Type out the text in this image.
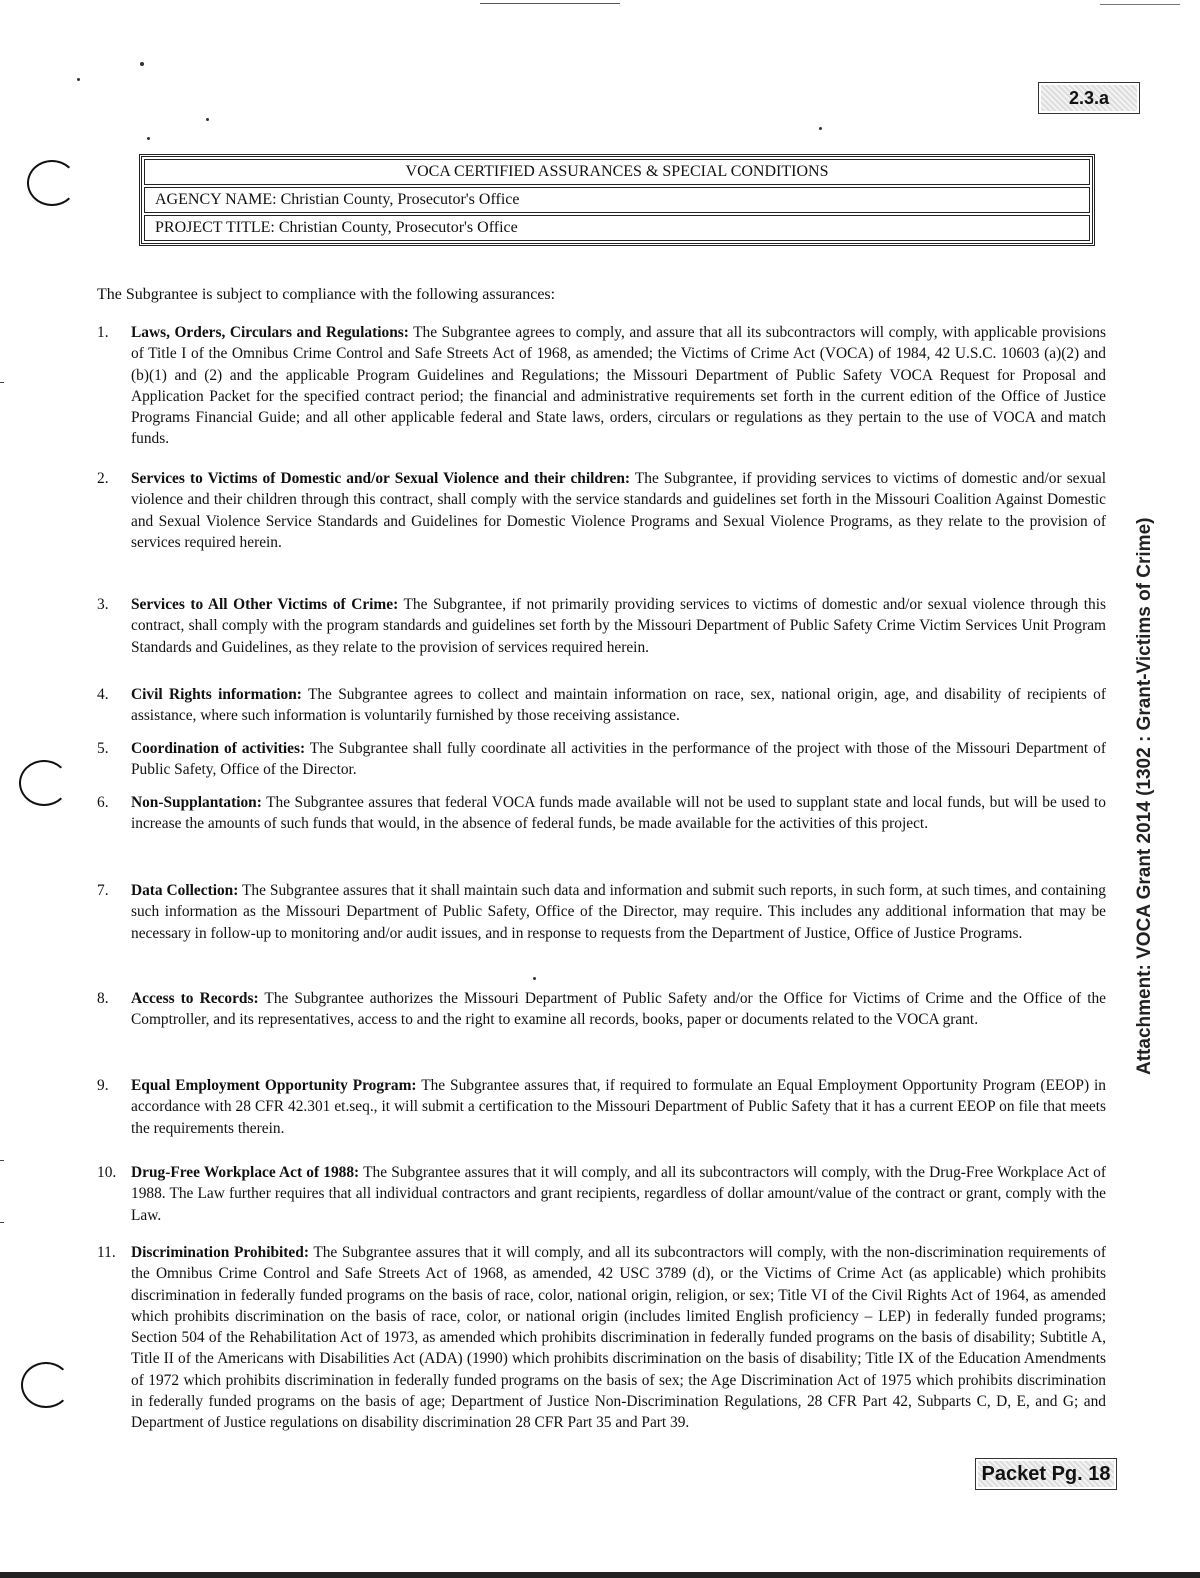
2.3.a
VOCA CERTIFIED ASSURANCES & SPECIAL CONDITIONS
AGENCY NAME: Christian County, Prosecutor's Office
PROJECT TITLE: Christian County, Prosecutor's Office
The Subgrantee is subject to compliance with the following assurances:
1.	Laws, Orders, Circulars and Regulations: The Subgrantee agrees to comply, and assure that all its subcontractors will comply, with applicable provisions of Title I of the Omnibus Crime Control and Safe Streets Act of 1968, as amended; the Victims of Crime Act (VOCA) of 1984, 42 U.S.C. 10603 (a)(2) and (b)(1) and (2) and the applicable Program Guidelines and Regulations; the Missouri Department of Public Safety VOCA Request for Proposal and Application Packet for the specified contract period; the financial and administrative requirements set forth in the current edition of the Office of Justice Programs Financial Guide; and all other applicable federal and State laws, orders, circulars or regulations as they pertain to the use of VOCA and match funds.
2.	Services to Victims of Domestic and/or Sexual Violence and their children: The Subgrantee, if providing services to victims of domestic and/or sexual violence and their children through this contract, shall comply with the service standards and guidelines set forth in the Missouri Coalition Against Domestic and Sexual Violence Service Standards and Guidelines for Domestic Violence Programs and Sexual Violence Programs, as they relate to the provision of services required herein.
3.	Services to All Other Victims of Crime: The Subgrantee, if not primarily providing services to victims of domestic and/or sexual violence through this contract, shall comply with the program standards and guidelines set forth by the Missouri Department of Public Safety Crime Victim Services Unit Program Standards and Guidelines, as they relate to the provision of services required herein.
4.	Civil Rights information: The Subgrantee agrees to collect and maintain information on race, sex, national origin, age, and disability of recipients of assistance, where such information is voluntarily furnished by those receiving assistance.
5.	Coordination of activities: The Subgrantee shall fully coordinate all activities in the performance of the project with those of the Missouri Department of Public Safety, Office of the Director.
6.	Non-Supplantation: The Subgrantee assures that federal VOCA funds made available will not be used to supplant state and local funds, but will be used to increase the amounts of such funds that would, in the absence of federal funds, be made available for the activities of this project.
7.	Data Collection: The Subgrantee assures that it shall maintain such data and information and submit such reports, in such form, at such times, and containing such information as the Missouri Department of Public Safety, Office of the Director, may require. This includes any additional information that may be necessary in follow-up to monitoring and/or audit issues, and in response to requests from the Department of Justice, Office of Justice Programs.
8.	Access to Records: The Subgrantee authorizes the Missouri Department of Public Safety and/or the Office for Victims of Crime and the Office of the Comptroller, and its representatives, access to and the right to examine all records, books, paper or documents related to the VOCA grant.
9.	Equal Employment Opportunity Program: The Subgrantee assures that, if required to formulate an Equal Employment Opportunity Program (EEOP) in accordance with 28 CFR 42.301 et.seq., it will submit a certification to the Missouri Department of Public Safety that it has a current EEOP on file that meets the requirements therein.
10. Drug-Free Workplace Act of 1988: The Subgrantee assures that it will comply, and all its subcontractors will comply, with the Drug-Free Workplace Act of 1988. The Law further requires that all individual contractors and grant recipients, regardless of dollar amount/value of the contract or grant, comply with the Law.
11. Discrimination Prohibited: The Subgrantee assures that it will comply, and all its subcontractors will comply, with the non-discrimination requirements of the Omnibus Crime Control and Safe Streets Act of 1968, as amended, 42 USC 3789 (d), or the Victims of Crime Act (as applicable) which prohibits discrimination in federally funded programs on the basis of race, color, national origin, religion, or sex; Title VI of the Civil Rights Act of 1964, as amended which prohibits discrimination on the basis of race, color, or national origin (includes limited English proficiency – LEP) in federally funded programs; Section 504 of the Rehabilitation Act of 1973, as amended which prohibits discrimination in federally funded programs on the basis of disability; Subtitle A, Title II of the Americans with Disabilities Act (ADA) (1990) which prohibits discrimination on the basis of disability; Title IX of the Education Amendments of 1972 which prohibits discrimination in federally funded programs on the basis of sex; the Age Discrimination Act of 1975 which prohibits discrimination in federally funded programs on the basis of age; Department of Justice Non-Discrimination Regulations, 28 CFR Part 42, Subparts C, D, E, and G; and Department of Justice regulations on disability discrimination 28 CFR Part 35 and Part 39.
Attachment: VOCA Grant 2014 (1302 : Grant-Victims of Crime)
Packet Pg. 18
